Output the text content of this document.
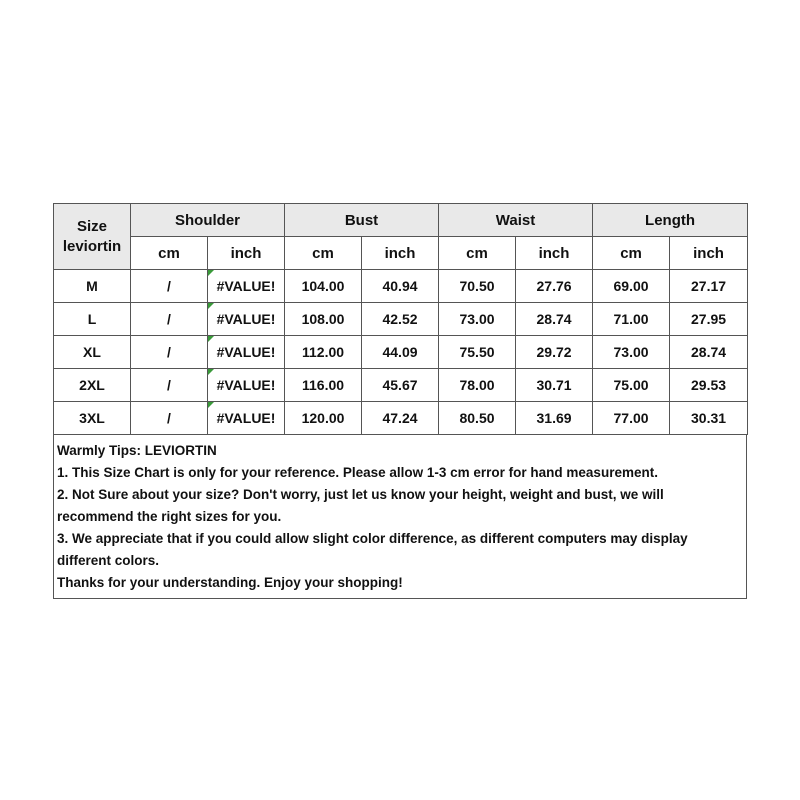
Size
leviortin	Shoulder		Bust		Waist		Length	
	cm	inch	cm	inch	cm	inch	cm	inch
M	/	#VALUE!	104.00	40.94	70.50	27.76	69.00	27.17
L	/	#VALUE!	108.00	42.52	73.00	28.74	71.00	27.95
XL	/	#VALUE!	112.00	44.09	75.50	29.72	73.00	28.74
2XL	/	#VALUE!	116.00	45.67	78.00	30.71	75.00	29.53
3XL	/	#VALUE!	120.00	47.24	80.50	31.69	77.00	30.31
Warmly Tips: LEVIORTIN
1. This Size Chart is only for your reference. Please allow 1-3 cm error for hand measurement.
2. Not Sure about your size? Don't worry, just let us know your height, weight and bust, we will recommend the right sizes for you.
3. We appreciate that if you could allow slight color difference, as different computers may display different colors.
Thanks for your understanding. Enjoy your shopping!
